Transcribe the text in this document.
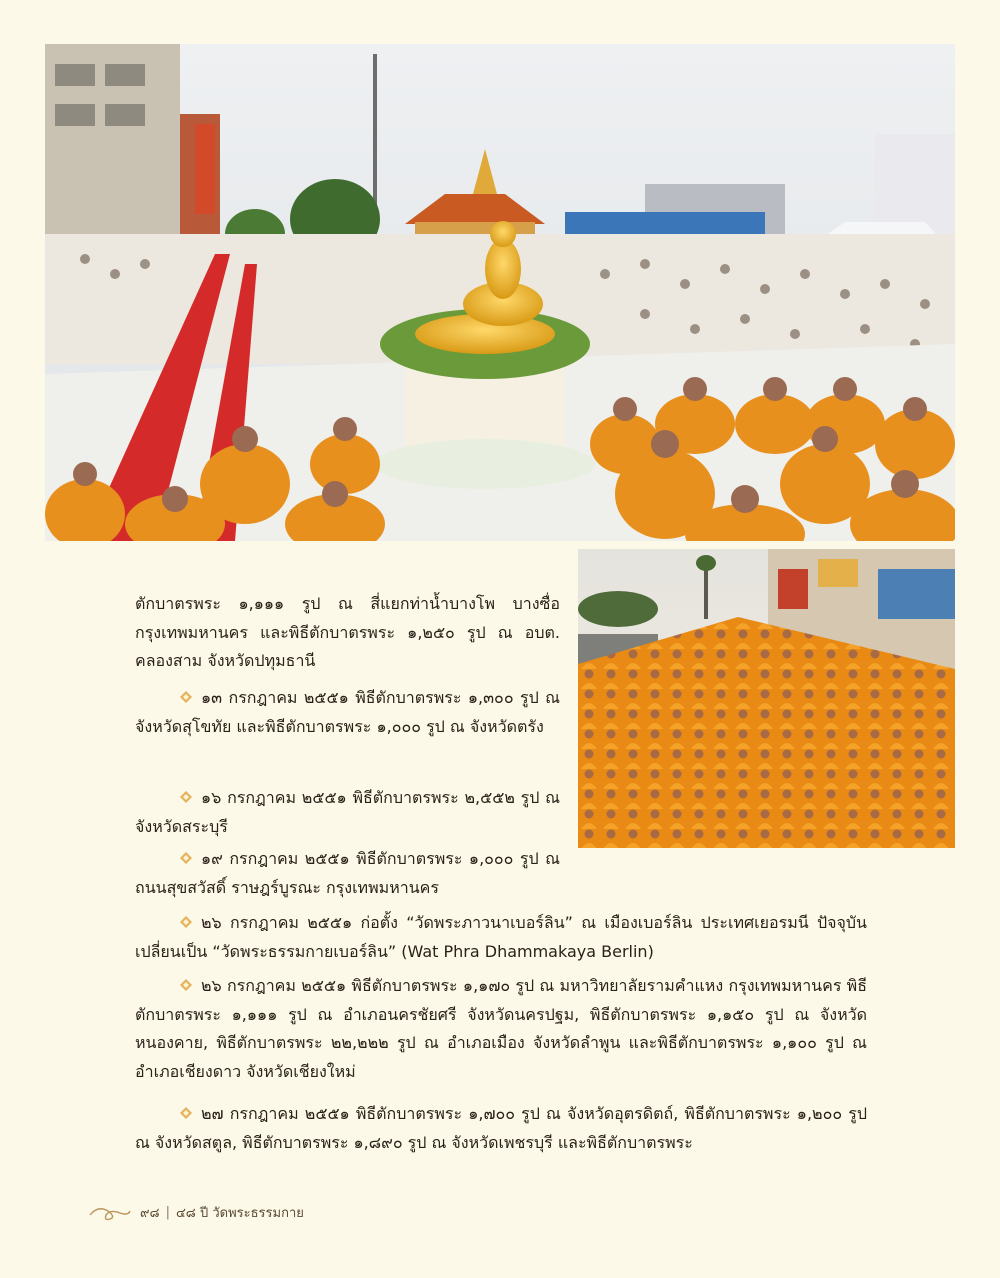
ตักบาตรพระ ๑,๑๑๑ รูป ณ สี่แยกท่าน้ำบางโพ บางซื่อ กรุงเทพมหานคร และพิธีตักบาตรพระ ๑,๒๕๐ รูป ณ อบต. คลองสาม จังหวัดปทุมธานี

๑๓ กรกฎาคม ๒๕๕๑ พิธีตักบาตรพระ ๑,๓๐๐ รูป ณ จังหวัดสุโขทัย และพิธีตักบาตรพระ ๑,๐๐๐ รูป ณ จังหวัดตรัง

๑๖ กรกฎาคม ๒๕๕๑ พิธีตักบาตรพระ ๒,๕๕๒ รูป ณ จังหวัดสระบุรี

๑๙ กรกฎาคม ๒๕๕๑ พิธีตักบาตรพระ ๑,๐๐๐ รูป ณ ถนนสุขสวัสดิ์ ราษฎร์บูรณะ กรุงเทพมหานคร

๒๖ กรกฎาคม ๒๕๕๑ ก่อตั้ง “วัดพระภาวนาเบอร์ลิน” ณ เมืองเบอร์ลิน ประเทศเยอรมนี ปัจจุบันเปลี่ยนเป็น “วัดพระธรรมกายเบอร์ลิน” (Wat Phra Dhammakaya Berlin)

๒๖ กรกฎาคม ๒๕๕๑ พิธีตักบาตรพระ ๑,๑๗๐ รูป ณ มหาวิทยาลัยรามคำแหง กรุงเทพมหานคร พิธีตักบาตรพระ ๑,๑๑๑ รูป ณ อำเภอนครชัยศรี จังหวัดนครปฐม, พิธีตักบาตรพระ ๑,๑๕๐ รูป ณ จังหวัดหนองคาย, พิธีตักบาตรพระ ๒๒,๒๒๒ รูป ณ อำเภอเมือง จังหวัดลำพูน และพิธีตักบาตรพระ ๑,๑๐๐ รูป ณ อำเภอเชียงดาว จังหวัดเชียงใหม่

๒๗ กรกฎาคม ๒๕๕๑ พิธีตักบาตรพระ ๑,๗๐๐ รูป ณ จังหวัดอุตรดิตถ์, พิธีตักบาตรพระ ๑,๒๐๐ รูป ณ จังหวัดสตูล, พิธีตักบาตรพระ ๑,๘๙๐ รูป ณ จังหวัดเพชรบุรี และพิธีตักบาตรพระ

๙๘ | ๔๘ ปี วัดพระธรรมกาย
